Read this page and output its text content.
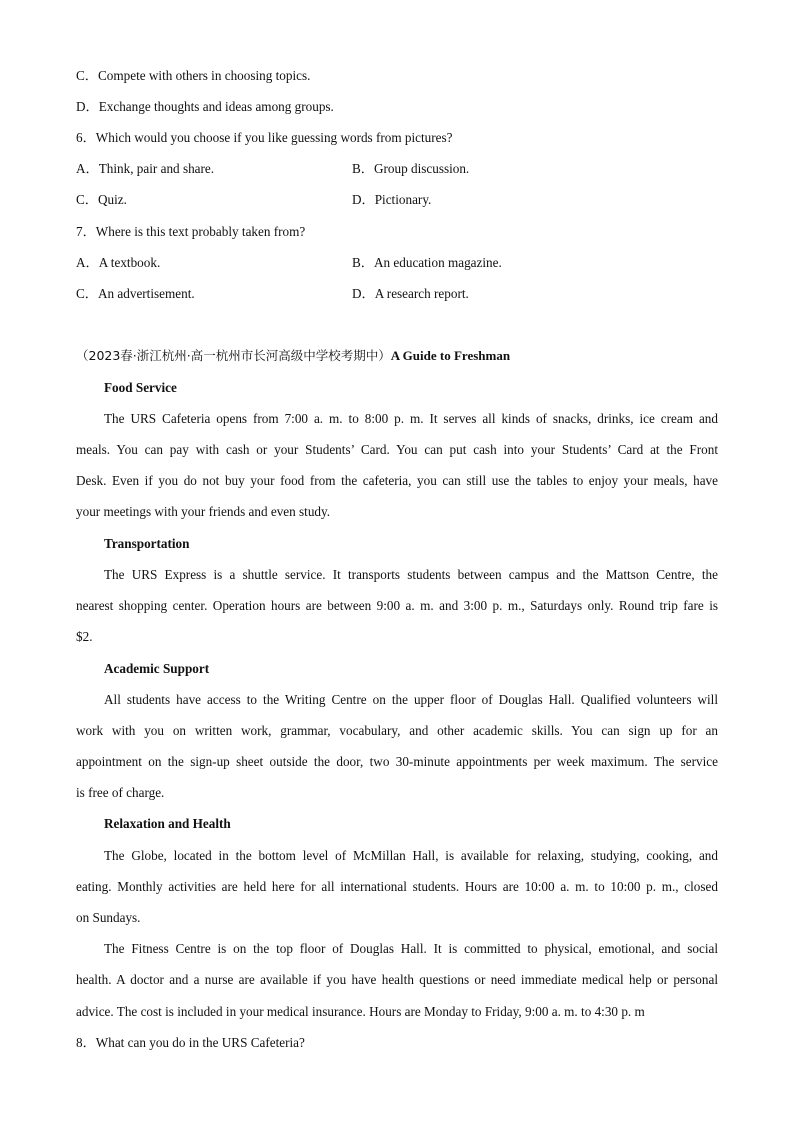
C．Compete with others in choosing topics.
D．Exchange thoughts and ideas among groups.
6．Which would you choose if you like guessing words from pictures?
A．Think, pair and share.	B．Group discussion.
C．Quiz.	D．Pictionary.
7．Where is this text probably taken from?
A．A textbook.	B．An education magazine.
C．An advertisement.	D．A research report.
（2023春·浙江杭州·高一杭州市长河高级中学校考期中）A Guide to Freshman
Food Service
The URS Cafeteria opens from 7:00 a. m. to 8:00 p. m. It serves all kinds of snacks, drinks, ice cream and
meals. You can pay with cash or your Students’ Card. You can put cash into your Students’ Card at the Front
Desk. Even if you do not buy your food from the cafeteria, you can still use the tables to enjoy your meals, have
your meetings with your friends and even study.
Transportation
The URS Express is a shuttle service. It transports students between campus and the Mattson Centre, the
nearest shopping center. Operation hours are between 9:00 a. m. and 3:00 p. m., Saturdays only. Round trip fare is
$2.
Academic Support
All students have access to the Writing Centre on the upper floor of Douglas Hall. Qualified volunteers will
work with you on written work, grammar, vocabulary, and other academic skills. You can sign up for an
appointment on the sign-up sheet outside the door, two 30-minute appointments per week maximum. The service
is free of charge.
Relaxation and Health
The Globe, located in the bottom level of McMillan Hall, is available for relaxing, studying, cooking, and
eating. Monthly activities are held here for all international students. Hours are 10:00 a. m. to 10:00 p. m., closed
on Sundays.
The Fitness Centre is on the top floor of Douglas Hall. It is committed to physical, emotional, and social
health. A doctor and a nurse are available if you have health questions or need immediate medical help or personal
advice. The cost is included in your medical insurance. Hours are Monday to Friday, 9:00 a. m. to 4:30 p. m
8．What can you do in the URS Cafeteria?
